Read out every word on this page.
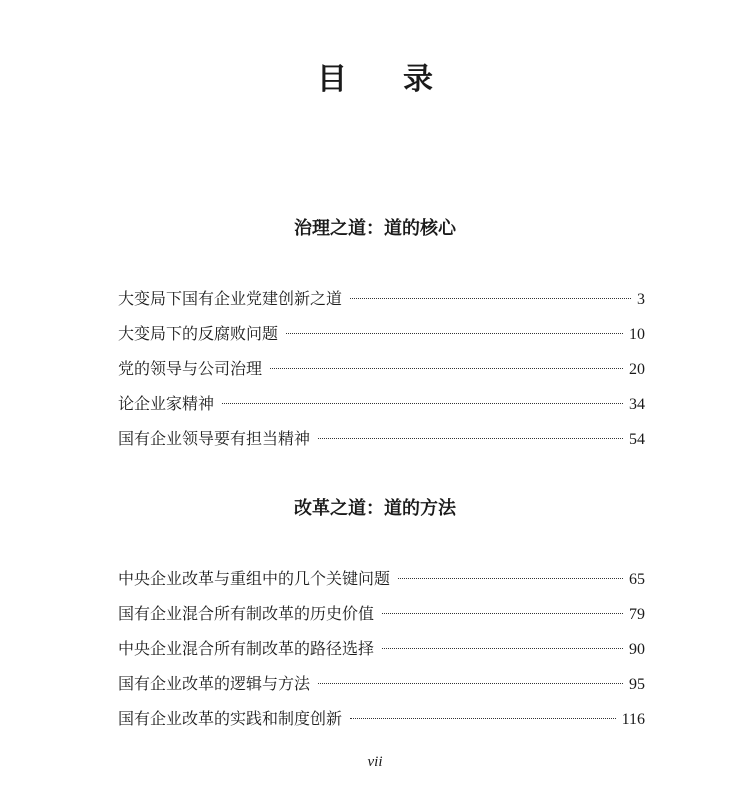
目录
治理之道：道的核心
大变局下国有企业党建创新之道	3
大变局下的反腐败问题	10
党的领导与公司治理	20
论企业家精神	34
国有企业领导要有担当精神	54
改革之道：道的方法
中央企业改革与重组中的几个关键问题	65
国有企业混合所有制改革的历史价值	79
中央企业混合所有制改革的路径选择	90
国有企业改革的逻辑与方法	95
国有企业改革的实践和制度创新	116
vii
